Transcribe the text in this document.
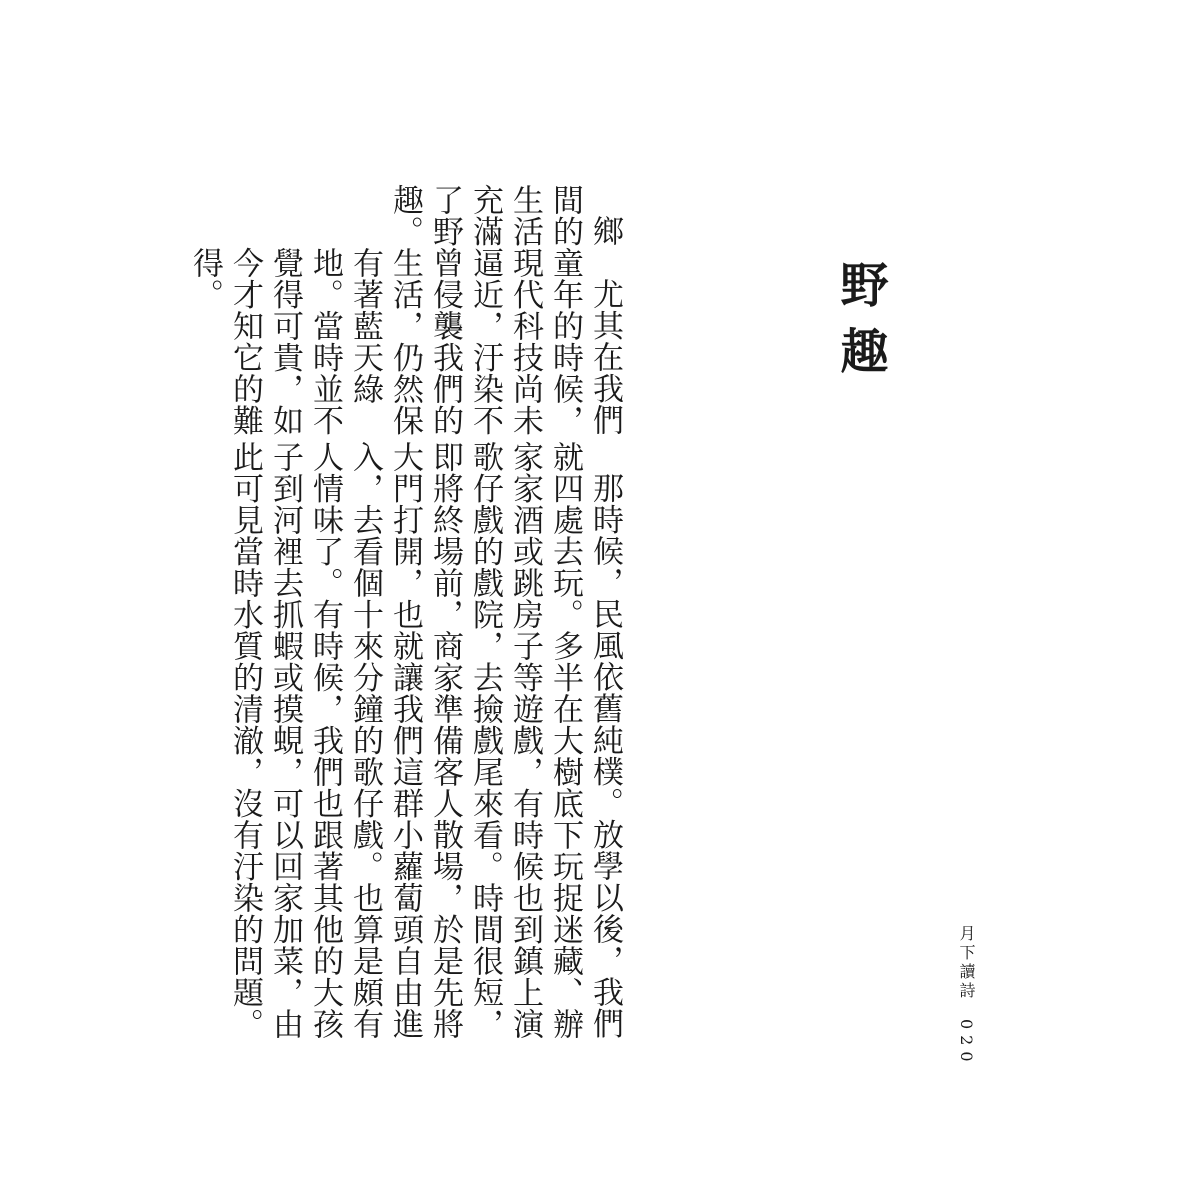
野趣

鄉間的生活充滿了野趣。

尤其在我們童年的時候，現代科技尚未逼近，汙染不曾侵襲我們的生活，仍然保有著藍天綠地。當時並不覺得可貴，如今才知它的難得。

那時候，民風依舊純樸。放學以後，我們就四處去玩。多半在大樹底下玩捉迷藏、辦家家酒或跳房子等遊戲，有時候也到鎮上演歌仔戲的戲院，去撿戲尾來看。時間很短，即將終場前，商家準備客人散場，於是先將大門打開，也就讓我們這群小蘿蔔頭自由進入，去看個十來分鐘的歌仔戲。也算是頗有人情味了。有時候，我們也跟著其他的大孩子到河裡去抓蝦或摸蜆，可以回家加菜，由此可見當時水質的清澈，沒有汙染的問題。	月下讀詩
020
